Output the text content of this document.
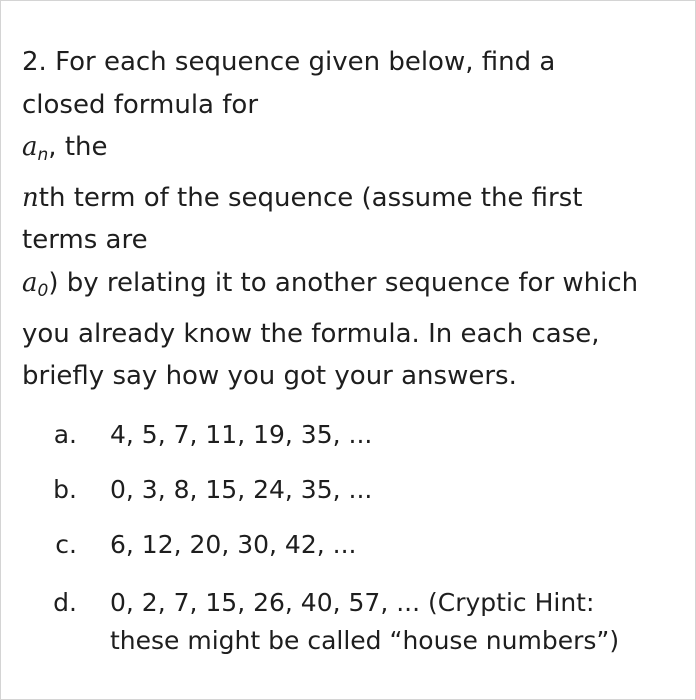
2. For each sequence given below, find a
closed formula for
$a_n$, the
nth term of the sequence (assume the first
terms are
$a_0$) by relating it to another sequence for which
you already know the formula. In each case,
briefly say how you got your answers.
a. 4, 5, 7, 11, 19, 35, ...
b. 0, 3, 8, 15, 24, 35, ...
c. 6, 12, 20, 30, 42, ...
d. 0, 2, 7, 15, 26, 40, 57, ... (Cryptic Hint:
these might be called “house numbers”)
